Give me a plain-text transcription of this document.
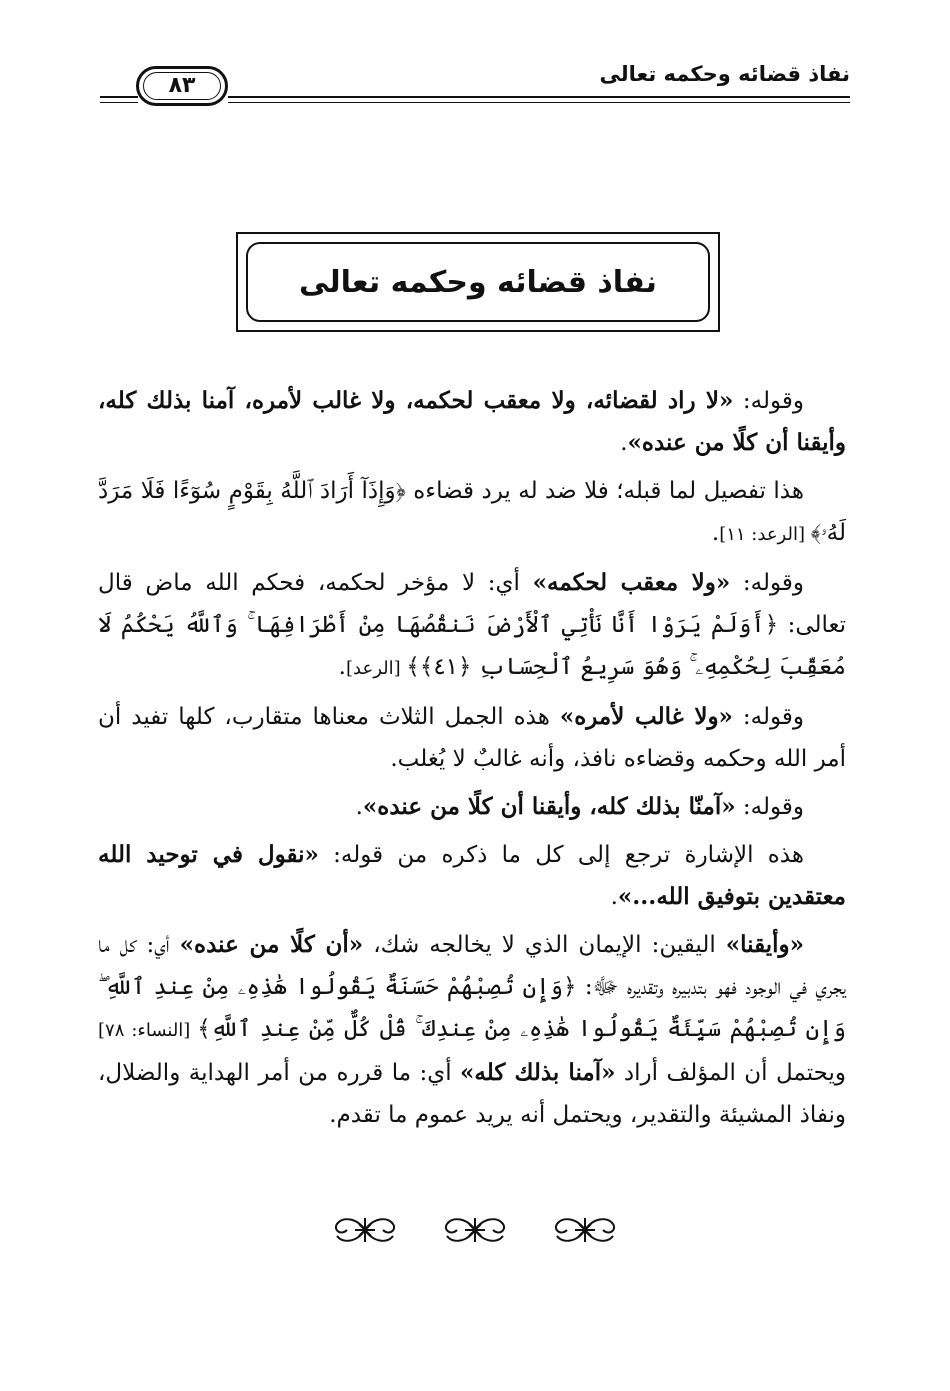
نفاذ قضائه وحكمه تعالى
٨٣
نفاذ قضائه وحكمه تعالى

وقوله: «لا راد لقضائه، ولا معقب لحكمه، ولا غالب لأمره، آمنا بذلك كله، وأيقنا أن كلًا من عنده».

هذا تفصيل لما قبله؛ فلا ضد له يرد قضاءه ﴿وَإِذَآ أَرَادَ ٱللَّهُ بِقَوْمٍ سُوٓءًا فَلَا مَرَدَّ لَهُۥ﴾ [الرعد: ١١].

وقوله: «ولا معقب لحكمه» أي: لا مؤخر لحكمه، فحكم الله ماض قال تعالى: ﴿أَوَلَمْ يَرَوْا أَنَّا نَأْتِي ٱلْأَرْضَ نَنقُصُهَا مِنْ أَطْرَافِهَا ۚ وَٱللَّهُ يَحْكُمُ لَا مُعَقِّبَ لِحُكْمِهِۦ ۚ وَهُوَ سَرِيعُ ٱلْحِسَابِ ﴿٤١﴾﴾ [الرعد].

وقوله: «ولا غالب لأمره» هذه الجمل الثلاث معناها متقارب، كلها تفيد أن أمر الله وحكمه وقضاءه نافذ، وأنه غالبٌ لا يُغلب.

وقوله: «آمنّا بذلك كله، وأيقنا أن كلًا من عنده».

هذه الإشارة ترجع إلى كل ما ذكره من قوله: «نقول في توحيد الله معتقدين بتوفيق الله...».

«وأيقنا» اليقين: الإيمان الذي لا يخالجه شك، «أن كلًا من عنده» أي: كل ما يجري في الوجود فهو بتدبيره وتقديره ﷻ: ﴿وَإِن تُصِبْهُمْ حَسَنَةٌ يَقُولُوا هَٰذِهِۦ مِنْ عِندِ ٱللَّهِ ۖ وَإِن تُصِبْهُمْ سَيِّئَةٌ يَقُولُوا هَٰذِهِۦ مِنْ عِندِكَ ۚ قُلْ كُلٌّ مِّنْ عِندِ ٱللَّهِ﴾ [النساء: ٧٨] ويحتمل أن المؤلف أراد «آمنا بذلك كله» أي: ما قرره من أمر الهداية والضلال، ونفاذ المشيئة والتقدير، ويحتمل أنه يريد عموم ما تقدم.
